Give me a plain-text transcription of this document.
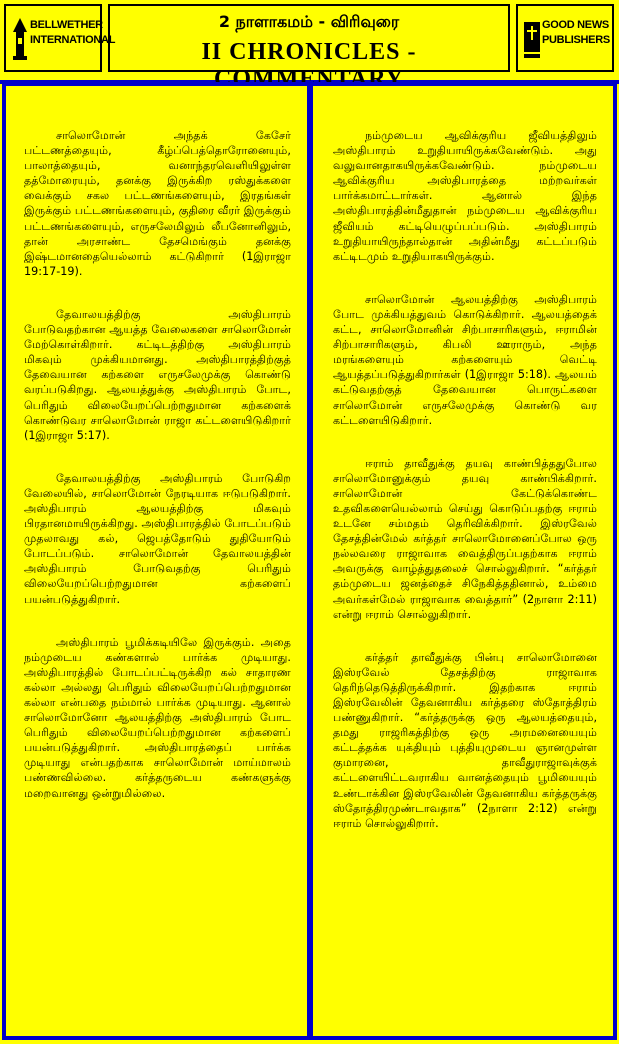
BELLWETHER INTERNATIONAL
2 நாளாகமம் - விரிவுரை
II CHRONICLES - COMMENTARY
GOOD NEWS PUBLISHERS

சாலொமோன் அந்தக் கேசேர் பட்டணத்தையும், கீழ்ப்பெத்தொரோனையும், பாலாத்தையும், வனாந்தரவெளியிலுள்ள தத்மோரையும், தனக்கு இருக்கிற ரஸ்துக்களை வைக்கும் சகல பட்டணங்களையும், இரதங்கள் இருக்கும் பட்டணங்களையும், குதிரை வீரர் இருக்கும் பட்டணங்களையும், எருசலேமிலும் லீபனோனிலும், தான் அரசாண்ட தேசமெங்கும் தனக்கு இஷ்டமானதையெல்லாம் கட்டுகிறார் (1இராஜா 19:17-19).

தேவாலயத்திற்கு அஸ்திபாரம் போடுவதற்கான ஆயத்த வேலைகளை சாலொமோன் மேற்கொள்கிறார். கட்டிடத்திற்கு அஸ்திபாரம் மிகவும் முக்கியமானது. அஸ்திபாரத்திற்குத் தேவையான கற்களை எருசலேமுக்கு கொண்டு வரப்படுகிறது. ஆலயத்துக்கு அஸ்திபாரம் போட, பெரிதும் விலையேறப்பெற்றதுமான கற்களைக் கொண்டுவர சாலொமோன் ராஜா கட்டளையிடுகிறார் (1இராஜா 5:17).

தேவாலயத்திற்கு அஸ்திபாரம் போடுகிற வேலையில், சாலொமோன் நேரடியாக ஈடுபடுகிறார். அஸ்திபாரம் ஆலயத்திற்கு மிகவும் பிரதானமாயிருக்கிறது. அஸ்திபாரத்தில் போடப்படும் முதலாவது கல், ஜெபத்தோடும் துதியோடும் போடப்படும். சாலொமோன் தேவாலயத்தின் அஸ்திபாரம் போடுவதற்கு பெரிதும் விலையேறப்பெற்றதுமான கற்களைப் பயன்படுத்துகிறார்.

அஸ்திபாரம் பூமிக்கடியிலே இருக்கும். அதை நம்முடைய கண்களால் பார்க்க முடியாது. அஸ்திபாரத்தில் போடப்பட்டிருக்கிற கல் சாதாரண கல்லா அல்லது பெரிதும் விலையேறப்பெற்றதுமான கல்லா என்பதை நம்மால் பார்க்க முடியாது. ஆனால் சாலொமோனோ ஆலயத்திற்கு அஸ்திபாரம் போட பெரிதும் விலையேறப்பெற்றதுமான கற்களைப் பயன்படுத்துகிறார். அஸ்திபாரத்தைப் பார்க்க முடியாது என்பதற்காக சாலொமோன் மாய்மாலம் பண்ணவில்லை. கர்த்தருடைய கண்களுக்கு மறைவானது ஒன்றுமில்லை.

நம்முடைய ஆவிக்குரிய ஜீவியத்திலும் அஸ்திபாரம் உறுதியாயிருக்கவேண்டும். அது வலுவானதாகயிருக்கவேண்டும். நம்முடைய ஆவிக்குரிய அஸ்திபாரத்தை மற்றவர்கள் பார்க்கமாட்டார்கள். ஆனால் இந்த அஸ்திபாரத்தின்மீதுதான் நம்முடைய ஆவிக்குரிய ஜீவியம் கட்டியெழுப்பப்படும். அஸ்திபாரம் உறுதியாயிருந்தால்தான் அதின்மீது கட்டப்படும் கட்டிடமும் உறுதியாகயிருக்கும்.

சாலொமோன் ஆலயத்திற்கு அஸ்திபாரம் போட முக்கியத்துவம் கொடுக்கிறார். ஆலயத்தைக் கட்ட, சாலொமோனின் சிற்பாசாரிகளும், ஈராமின் சிற்பாசாரிகளும், கிபலி ஊராரும், அந்த மரங்களையும் கற்களையும் வெட்டி ஆயத்தப்படுத்துகிறார்கள் (1இராஜா 5:18). ஆலயம் கட்டுவதற்குத் தேவையான பொருட்களை சாலொமோன் எருசலேமுக்கு கொண்டு வர கட்டளையிடுகிறார்.

ஈராம் தாவீதுக்கு தயவு காண்பித்ததுபோல சாலொமோனுக்கும் தயவு காண்பிக்கிறார். சாலொமோன் கேட்டுக்கொண்ட உதவிகளையெல்லாம் செய்து கொடுப்பதற்கு ஈராம் உடனே சம்மதம் தெரிவிக்கிறார். இஸ்ரவேல் தேசத்தின்மேல் கர்த்தர் சாலொமோனைப்போல ஒரு நல்லவரை ராஜாவாக வைத்திருப்பதற்காக ஈராம் அவருக்கு வாழ்த்துதலைச் சொல்லுகிறார். “கர்த்தர் தம்முடைய ஜனத்தைச் சிநேகித்ததினால், உம்மை அவர்கள்மேல் ராஜாவாக வைத்தார்” (2நாளா 2:11) என்று ஈராம் சொல்லுகிறார்.

கர்த்தர் தாவீதுக்கு பின்பு சாலொமோனை இஸ்ரவேல் தேசத்திற்கு ராஜாவாக தெரிந்தெடுத்திருக்கிறார். இதற்காக ஈராம் இஸ்ரவேலின் தேவனாகிய கர்த்தரை ஸ்தோத்திரம் பண்ணுகிறார். “கர்த்தருக்கு ஒரு ஆலயத்தையும், தமது ராஜரிகத்திற்கு ஒரு அரமனையையும் கட்டத்தக்க யுக்தியும் புத்தியுமுடைய ஞானமுள்ள குமாரனை, தாவீதுராஜாவுக்குக் கட்டளையிட்டவராகிய வானத்தையும் பூமியையும் உண்டாக்கின இஸ்ரவேலின் தேவனாகிய கர்த்தருக்கு ஸ்தோத்திரமுண்டாவதாக” (2நாளா 2:12) என்று ஈராம் சொல்லுகிறார்.
